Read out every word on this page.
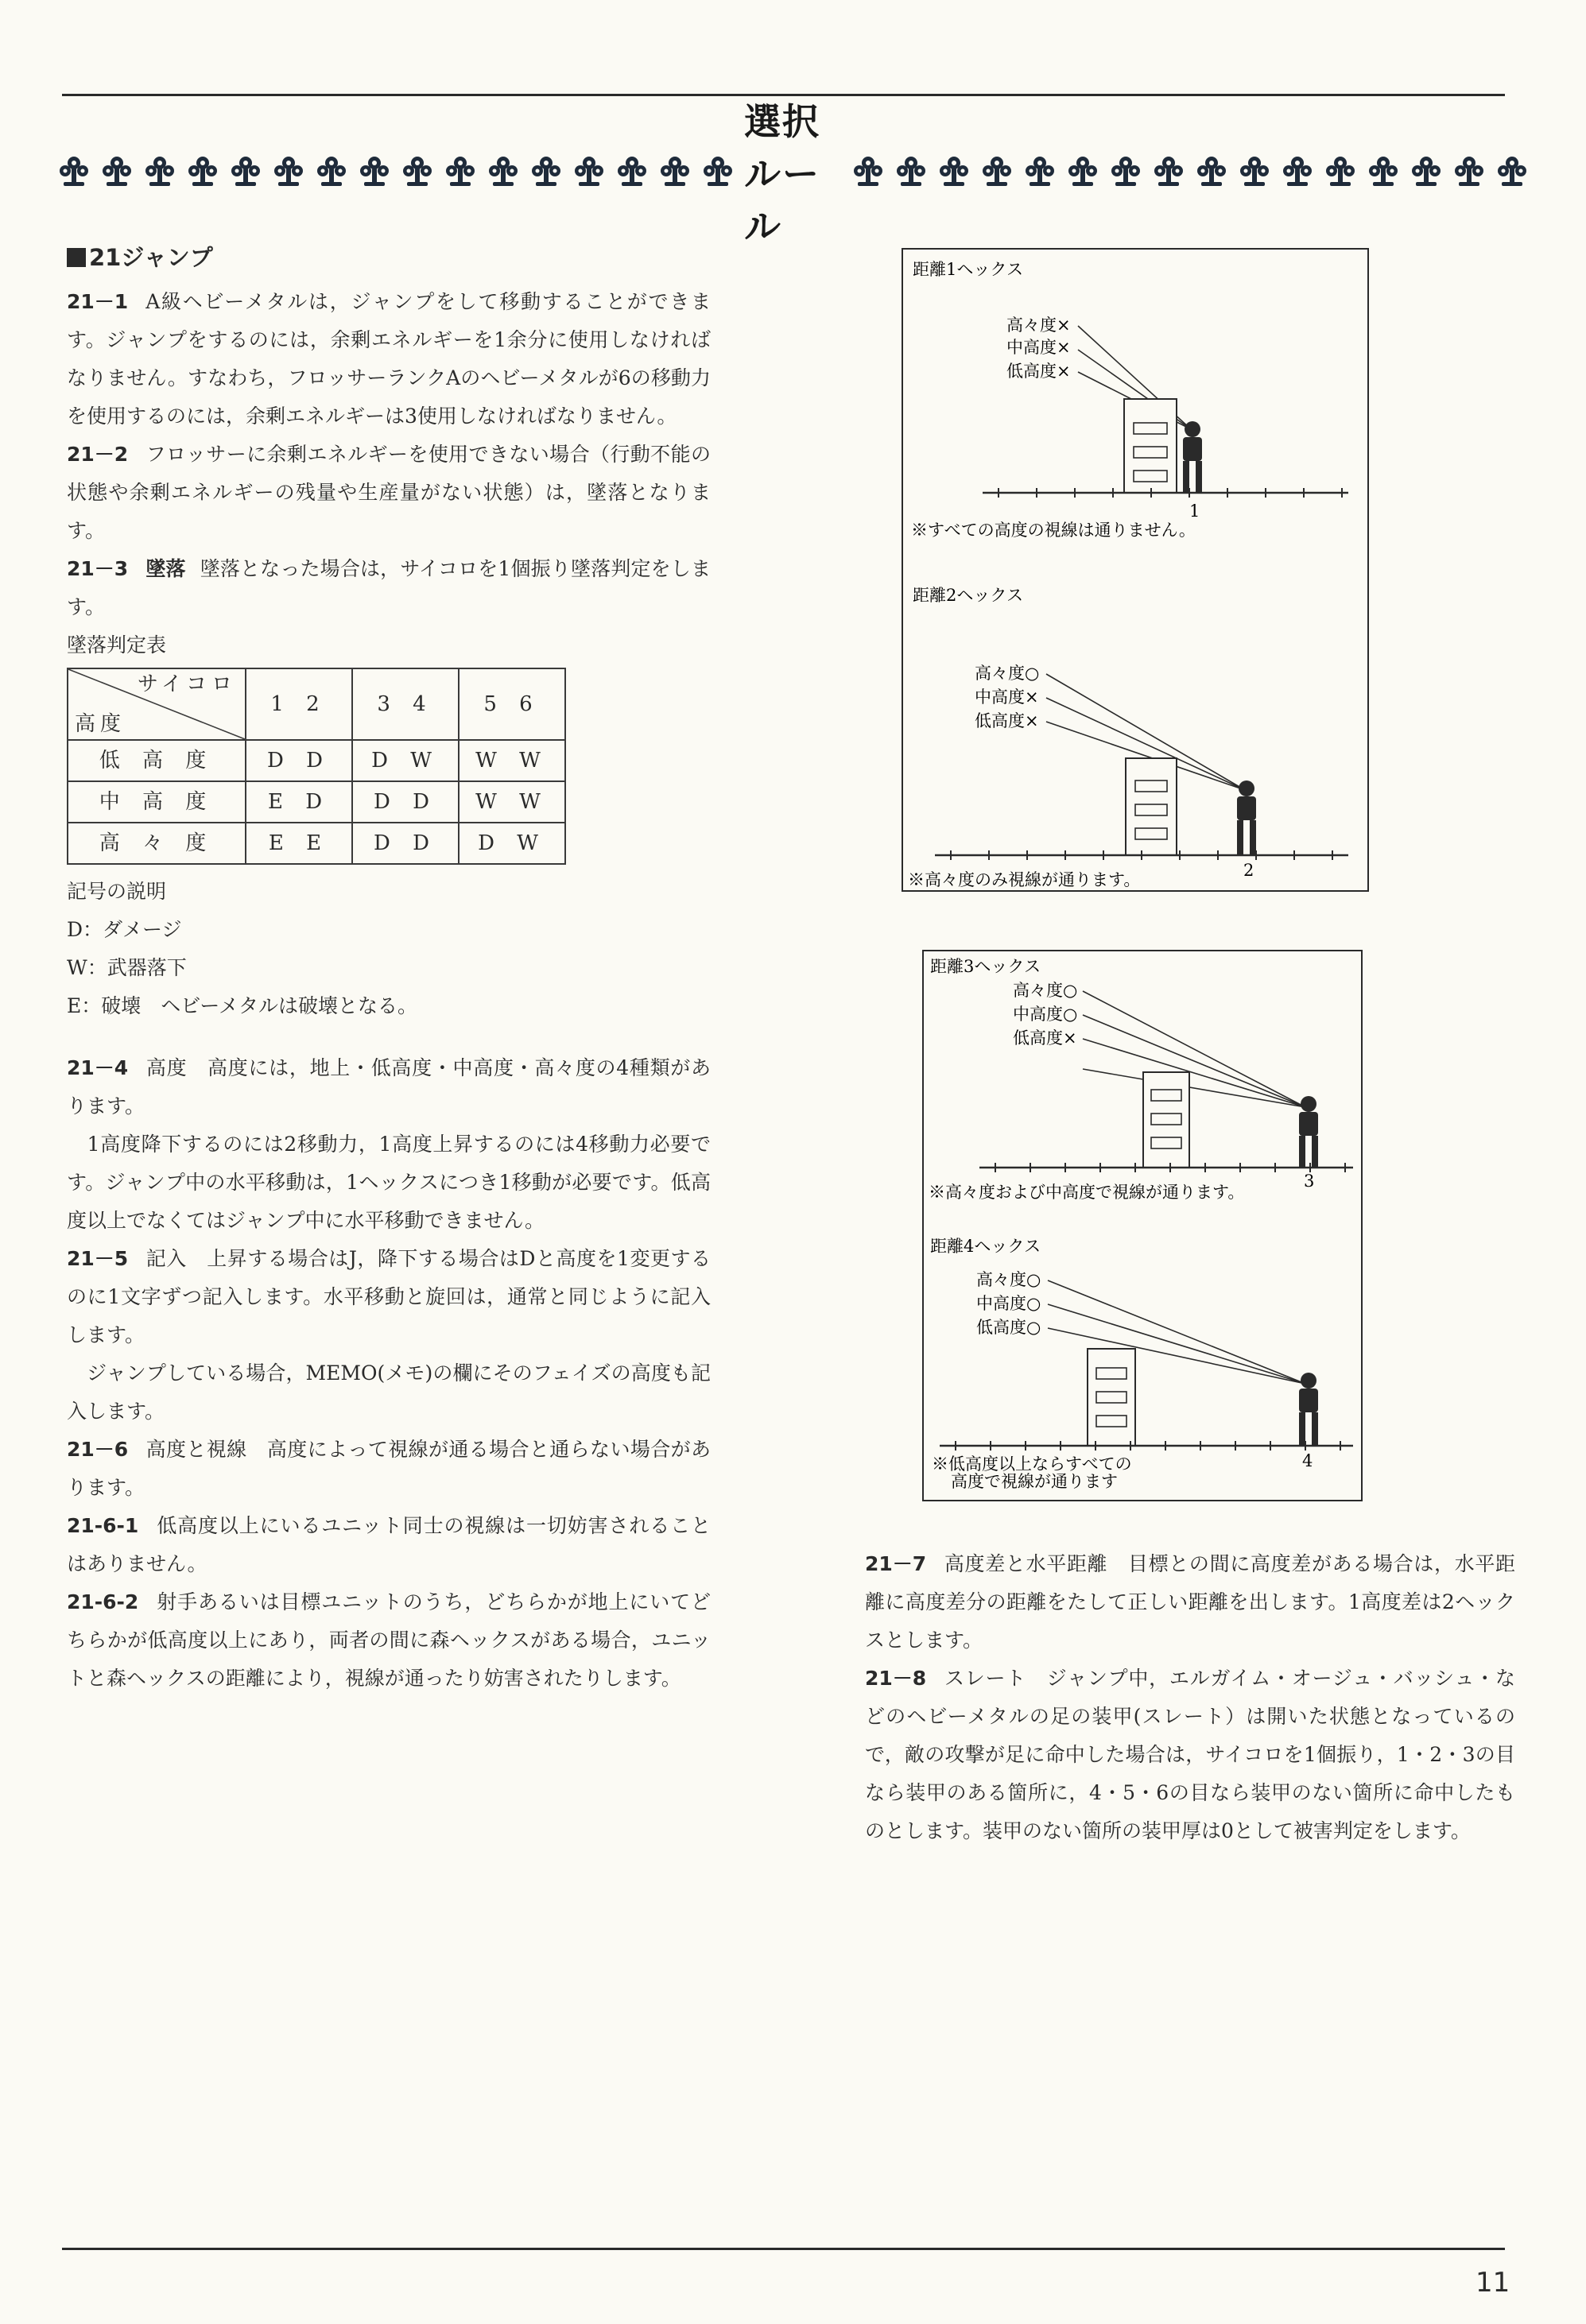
選択ルール
21ジャンプ

21－1 A級ヘビーメタルは，ジャンプをして移動することができます。ジャンプをするのには，余剰エネルギーを1余分に使用しなければなりません。すなわち，フロッサーランクAのヘビーメタルが6の移動力を使用するのには，余剰エネルギーは3使用しなければなりません。

21－2 フロッサーに余剰エネルギーを使用できない場合（行動不能の状態や余剰エネルギーの残量や生産量がない状態）は，墜落となります。

21－3 墜落 墜落となった場合は，サイコロを1個振り墜落判定をします。

墜落判定表

サイコロ
高度	1 2	3 4	5 6
低 高 度	D D	D W	W W
中 高 度	E D	D D	W W
高 々 度	E E	D D	D W
記号の説明
D：ダメージ
W：武器落下
E：破壊　ヘビーメタルは破壊となる。

21－4 高度　高度には，地上・低高度・中高度・高々度の4種類があります。

　1高度降下するのには2移動力，1高度上昇するのには4移動力必要です。ジャンプ中の水平移動は，1ヘックスにつき1移動が必要です。低高度以上でなくてはジャンプ中に水平移動できません。

21－5 記入　上昇する場合はJ，降下する場合はDと高度を1変更するのに1文字ずつ記入します。水平移動と旋回は，通常と同じように記入します。

　ジャンプしている場合，MEMO(メモ)の欄にそのフェイズの高度も記入します。

21－6 高度と視線　高度によって視線が通る場合と通らない場合があります。

21-6-1 低高度以上にいるユニット同士の視線は一切妨害されることはありません。

21-6-2 射手あるいは目標ユニットのうち，どちらかが地上にいてどちらかが低高度以上にあり，両者の間に森ヘックスがある場合，ユニットと森ヘックスの距離により，視線が通ったり妨害されたりします。

距離1ヘックス
高々度×
中高度×
低高度×
1
※すべての高度の視線は通りません。
距離2ヘックス
高々度○
中高度×
低高度×
2
※高々度のみ視線が通ります。
距離3ヘックス
高々度○
中高度○
低高度×
3
※高々度および中高度で視線が通ります。
距離4ヘックス
高々度○
中高度○
低高度○
4
※低高度以上ならすべての
高度で視線が通ります

21－7 高度差と水平距離　目標との間に高度差がある場合は，水平距離に高度差分の距離をたして正しい距離を出します。1高度差は2ヘックスとします。

21－8 スレート　ジャンプ中，エルガイム・オージュ・バッシュ・などのヘビーメタルの足の装甲(スレート）は開いた状態となっているので，敵の攻撃が足に命中した場合は，サイコロを1個振り，1・2・3の目なら装甲のある箇所に，4・5・6の目なら装甲のない箇所に命中したものとします。装甲のない箇所の装甲厚は0として被害判定をします。

11
